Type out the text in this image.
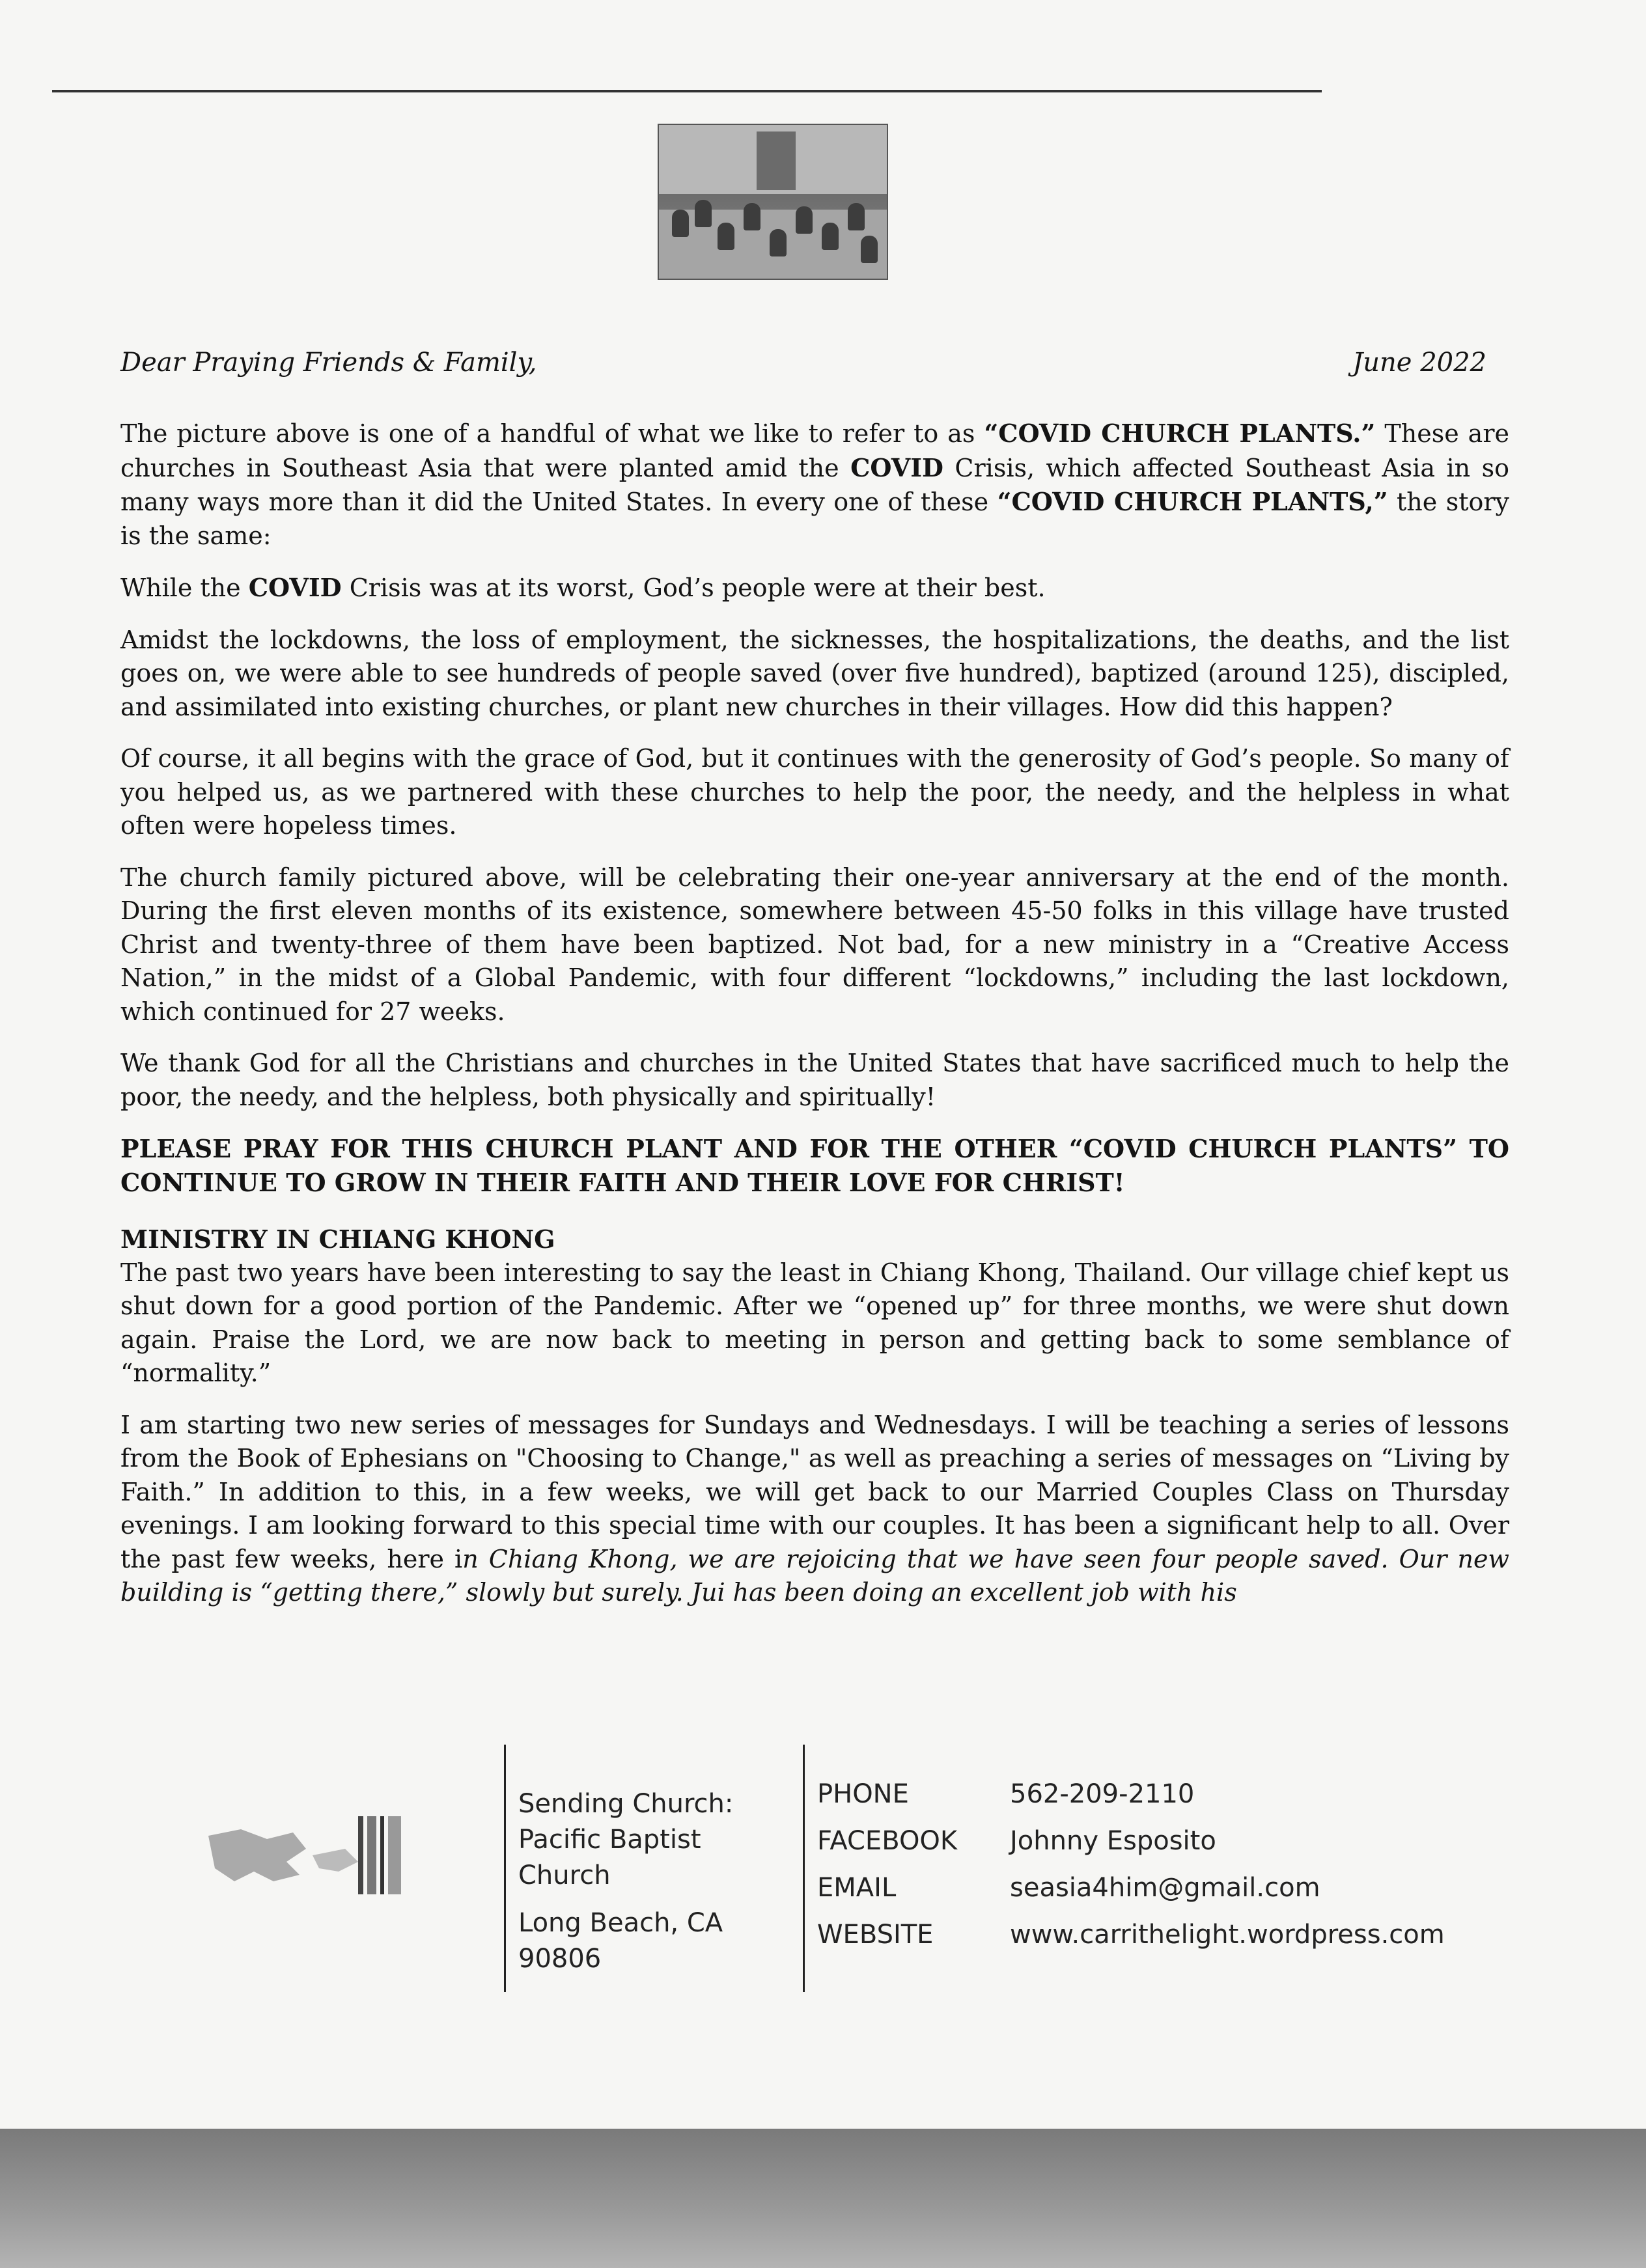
Dear Praying Friends & Family,	June 2022

The picture above is one of a handful of what we like to refer to as “COVID CHURCH PLANTS.” These are churches in Southeast Asia that were planted amid the COVID Crisis, which affected Southeast Asia in so many ways more than it did the United States. In every one of these “COVID CHURCH PLANTS,” the story is the same:

While the COVID Crisis was at its worst, God’s people were at their best.

Amidst the lockdowns, the loss of employment, the sicknesses, the hospitalizations, the deaths, and the list goes on, we were able to see hundreds of people saved (over five hundred), baptized (around 125), discipled, and assimilated into existing churches, or plant new churches in their villages. How did this happen?

Of course, it all begins with the grace of God, but it continues with the generosity of God’s people. So many of you helped us, as we partnered with these churches to help the poor, the needy, and the helpless in what often were hopeless times.

The church family pictured above, will be celebrating their one-year anniversary at the end of the month. During the first eleven months of its existence, somewhere between 45-50 folks in this village have trusted Christ and twenty-three of them have been baptized. Not bad, for a new ministry in a “Creative Access Nation,” in the midst of a Global Pandemic, with four different “lockdowns,” including the last lockdown, which continued for 27 weeks.

We thank God for all the Christians and churches in the United States that have sacrificed much to help the poor, the needy, and the helpless, both physically and spiritually!

PLEASE PRAY FOR THIS CHURCH PLANT AND FOR THE OTHER “COVID CHURCH PLANTS” TO CONTINUE TO GROW IN THEIR FAITH AND THEIR LOVE FOR CHRIST!

MINISTRY IN CHIANG KHONG

The past two years have been interesting to say the least in Chiang Khong, Thailand. Our village chief kept us shut down for a good portion of the Pandemic. After we “opened up” for three months, we were shut down again. Praise the Lord, we are now back to meeting in person and getting back to some semblance of “normality.”

I am starting two new series of messages for Sundays and Wednesdays. I will be teaching a series of lessons from the Book of Ephesians on "Choosing to Change," as well as preaching a series of messages on “Living by Faith.” In addition to this, in a few weeks, we will get back to our Married Couples Class on Thursday evenings. I am looking forward to this special time with our couples. It has been a significant help to all. Over the past few weeks, here in Chiang Khong, we are rejoicing that we have seen four people saved. Our new building is “getting there,” slowly but surely. Jui has been doing an excellent job with his

Sending Church:
Pacific Baptist
Church
Long Beach, CA
90806
PHONE	562-209-2110
FACEBOOK	Johnny Esposito
EMAIL	seasia4him@gmail.com
WEBSITE	www.carrithelight.wordpress.com
